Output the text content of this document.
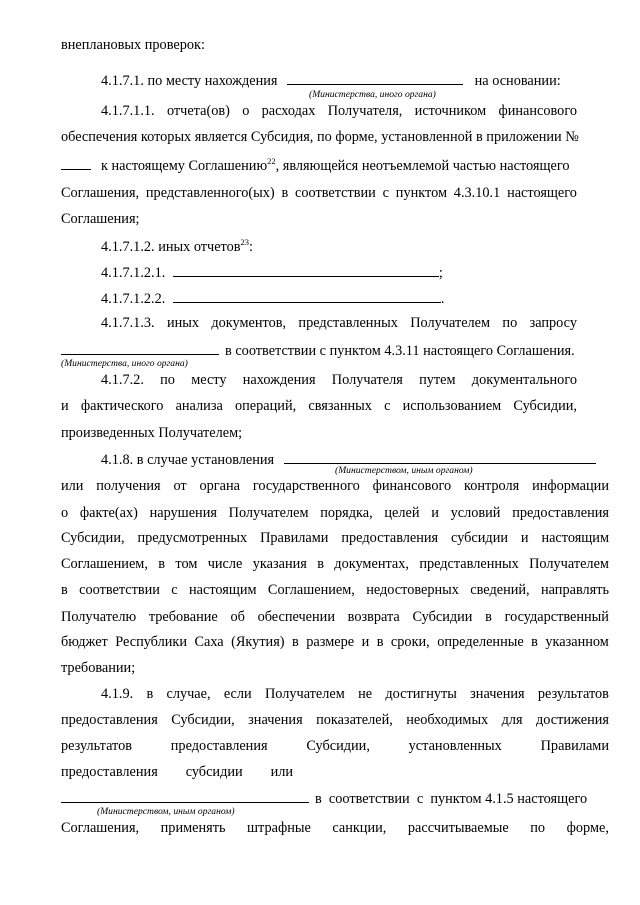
внеплановых проверок:
4.1.7.1. по месту нахождения	на основании:
(Министерства, иного органа)
4.1.7.1.1. отчета(ов) о расходах Получателя, источником финансового
обеспечения которых является Субсидия, по форме, установленной в приложении №
к настоящему Соглашению$^{22}$, являющейся неотъемлемой частью настоящего
Соглашения, представленного(ых) в соответствии с пунктом 4.3.10.1 настоящего
Соглашения;
4.1.7.1.2. иных отчетов$^{23}$:
4.1.7.1.2.1.	;
4.1.7.1.2.2.	.
4.1.7.1.3. иных документов, представленных Получателем по запросу
в соответствии с пунктом 4.3.11 настоящего Соглашения.
(Министерства, иного органа)
4.1.7.2. по месту нахождения Получателя путем документального
и фактического анализа операций, связанных с использованием Субсидии,
произведенных Получателем;
4.1.8. в случае установления
(Министерством, иным органом)
или получения от органа государственного финансового контроля информации
о факте(ах) нарушения Получателем порядка, целей и условий предоставления
Субсидии, предусмотренных Правилами предоставления субсидии и настоящим
Соглашением, в том числе указания в документах, представленных Получателем
в соответствии с настоящим Соглашением, недостоверных сведений, направлять
Получателю требование об обеспечении возврата Субсидии в государственный
бюджет Республики Саха (Якутия) в размере и в сроки, определенные в указанном
требовании;
4.1.9. в случае, если Получателем не достигнуты значения результатов
предоставления Субсидии, значения показателей, необходимых для достижения
результатов	предоставления	Субсидии,	установленных	Правилами
предоставления субсидии или
в  соответствии  с  пунктом 4.1.5 настоящего
(Министерством, иным органом)
Соглашения, применять штрафные санкции, рассчитываемые по форме,
